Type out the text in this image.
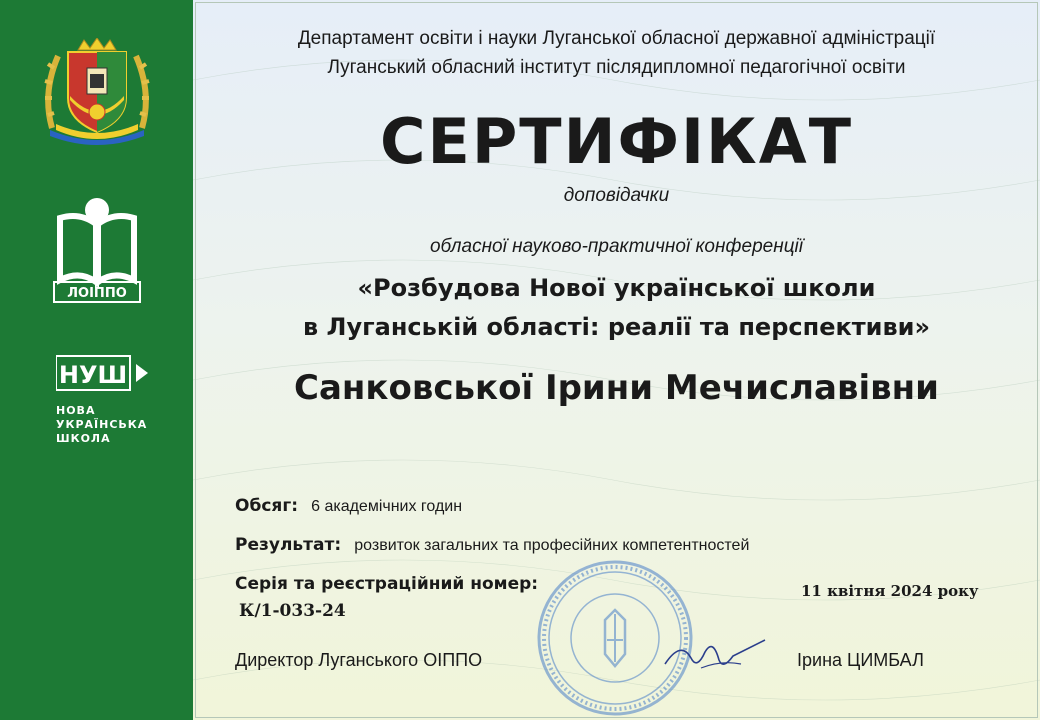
ЛОІППО
НУШ
НОВА
УКРАЇНСЬКА
ШКОЛА
Департамент освіти і науки Луганської обласної державної адміністрації
Луганський обласний інститут післядипломної педагогічної освіти
СЕРТИФІКАТ
доповідачки
обласної науково-практичної конференції
«Розбудова Нової української школи
в Луганській області: реалії та перспективи»
Санковської Ірини Мечиславівни
Обсяг: 6 академічних годин
Результат: розвиток загальних та професійних компетентностей
Серія та реєстраційний номер:
К/1-033-24
11 квітня 2024 року
Директор Луганського ОІППО	Ірина ЦИМБАЛ
